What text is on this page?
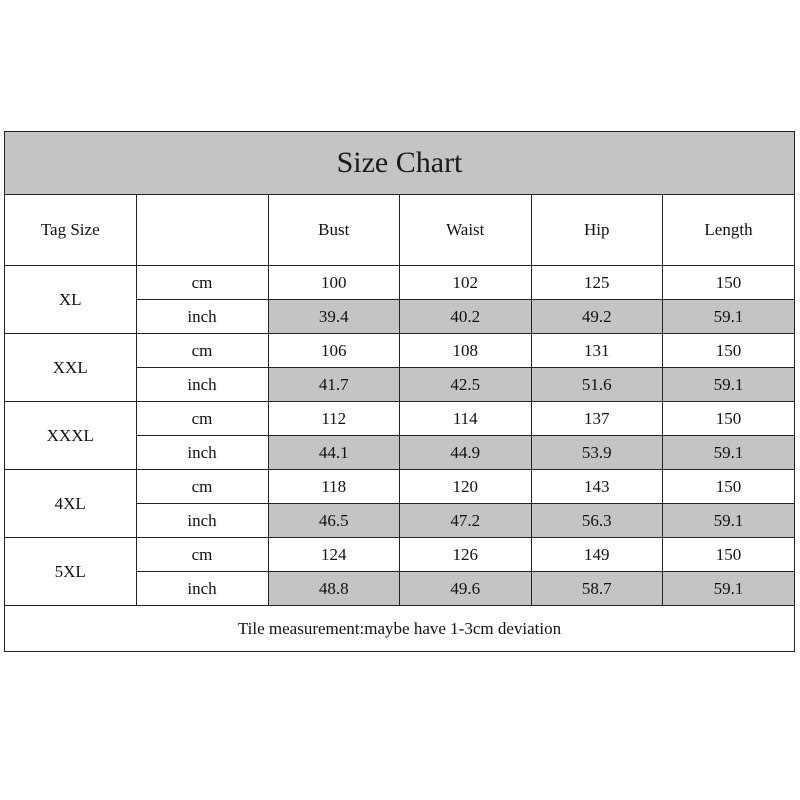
Size Chart
Tag Size		Bust	Waist	Hip	Length
XL	cm	100	102	125	150
	inch	39.4	40.2	49.2	59.1
XXL	cm	106	108	131	150
	inch	41.7	42.5	51.6	59.1
XXXL	cm	112	114	137	150
	inch	44.1	44.9	53.9	59.1
4XL	cm	118	120	143	150
	inch	46.5	47.2	56.3	59.1
5XL	cm	124	126	149	150
	inch	48.8	49.6	58.7	59.1
Tile measurement:maybe have 1-3cm deviation					
